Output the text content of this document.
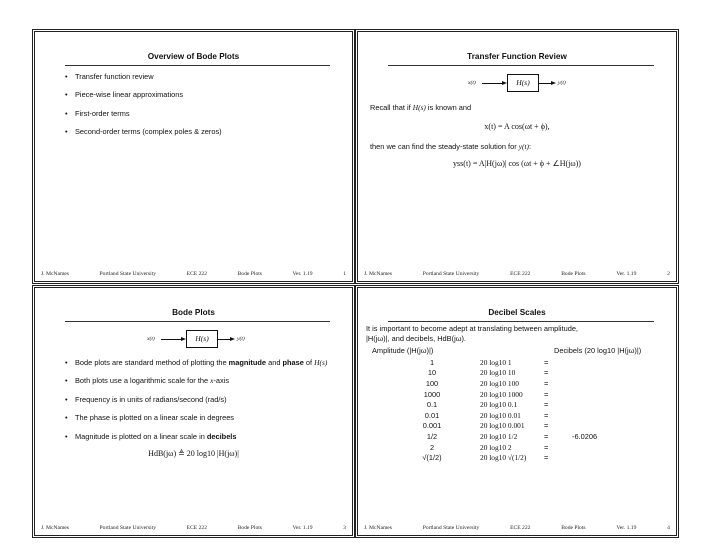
Overview of Bode Plots
• Transfer function review
• Piece-wise linear approximations
• First-order terms
• Second-order terms (complex poles & zeros)
J. McNames	Portland State University	ECE 222	Bode Plots	Ver. 1.19	1
Transfer Function Review
x(t)	H(s)	y(t)
Recall that if H(s) is known and
x(t) = A cos(ωt + ϕ),
then we can find the steady-state solution for y(t):
yss(t) = A|H(jω)| cos (ωt + ϕ + ∠H(jω))
J. McNames	Portland State University	ECE 222	Bode Plots	Ver. 1.19	2
Bode Plots
x(t)	H(s)	y(t)
• Bode plots are standard method of plotting the magnitude and phase of H(s)
• Both plots use a logarithmic scale for the x-axis
• Frequency is in units of radians/second (rad/s)
• The phase is plotted on a linear scale in degrees
• Magnitude is plotted on a linear scale in decibels
HdB(jω) ≜ 20 log10 |H(jω)|
J. McNames	Portland State University	ECE 222	Bode Plots	Ver. 1.19	3
Decibel Scales
It is important to become adept at translating between amplitude,
|H(jω)|, and decibels, HdB(jω).
Amplitude (|H(jω)|)	Decibels (20 log10 |H(jω)|)
1	20 log10 1	=	
10	20 log10 10	=	
100	20 log10 100	=	
1000	20 log10 1000	=	
0.1	20 log10 0.1	=	
0.01	20 log10 0.01	=	
0.001	20 log10 0.001	=	
1/2	20 log10 1/2	=	-6.0206
2	20 log10 2	=	
√(1/2)	20 log10 √(1/2)	=	
J. McNames	Portland State University	ECE 222	Bode Plots	Ver. 1.19	4
